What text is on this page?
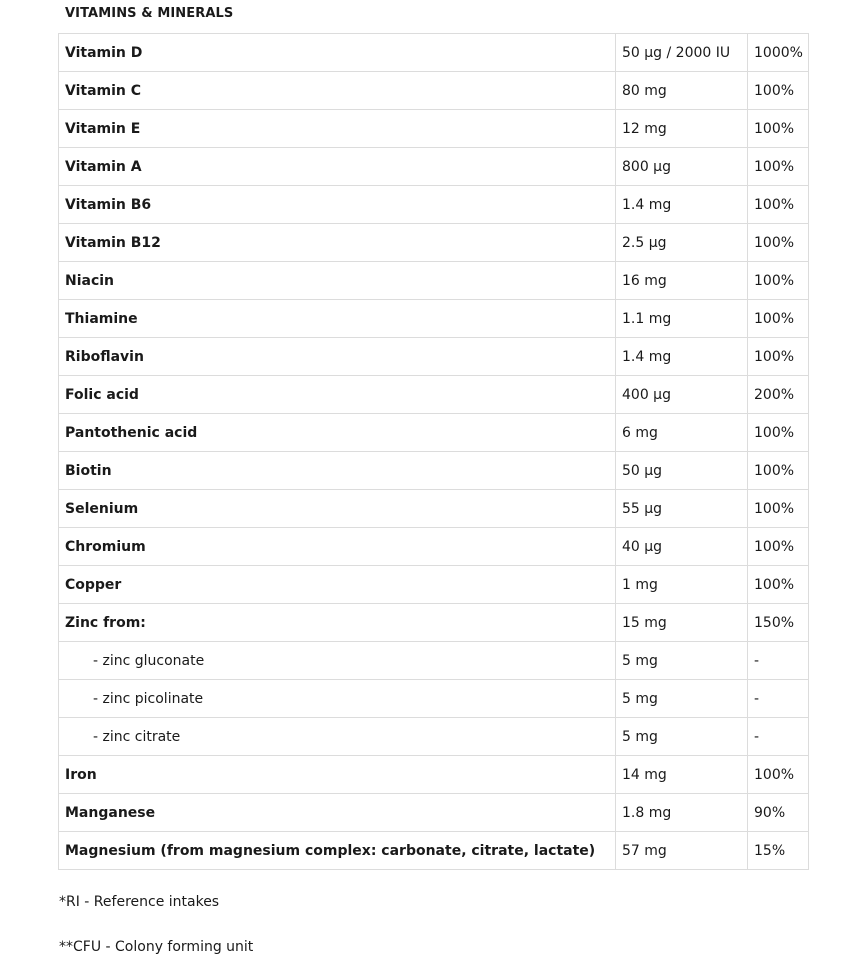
VITAMINS & MINERALS
Vitamin D	50 µg / 2000 IU	1000%
Vitamin C	80 mg	100%
Vitamin E	12 mg	100%
Vitamin A	800 µg	100%
Vitamin B6	1.4 mg	100%
Vitamin B12	2.5 µg	100%
Niacin	16 mg	100%
Thiamine	1.1 mg	100%
Riboflavin	1.4 mg	100%
Folic acid	400 µg	200%
Pantothenic acid	6 mg	100%
Biotin	50 µg	100%
Selenium	55 µg	100%
Chromium	40 µg	100%
Copper	1 mg	100%
Zinc from:	15 mg	150%
- zinc gluconate	5 mg	-
- zinc picolinate	5 mg	-
- zinc citrate	5 mg	-
Iron	14 mg	100%
Manganese	1.8 mg	90%
Magnesium (from magnesium complex: carbonate, citrate, lactate)	57 mg	15%
*RI - Reference intakes
**CFU - Colony forming unit
